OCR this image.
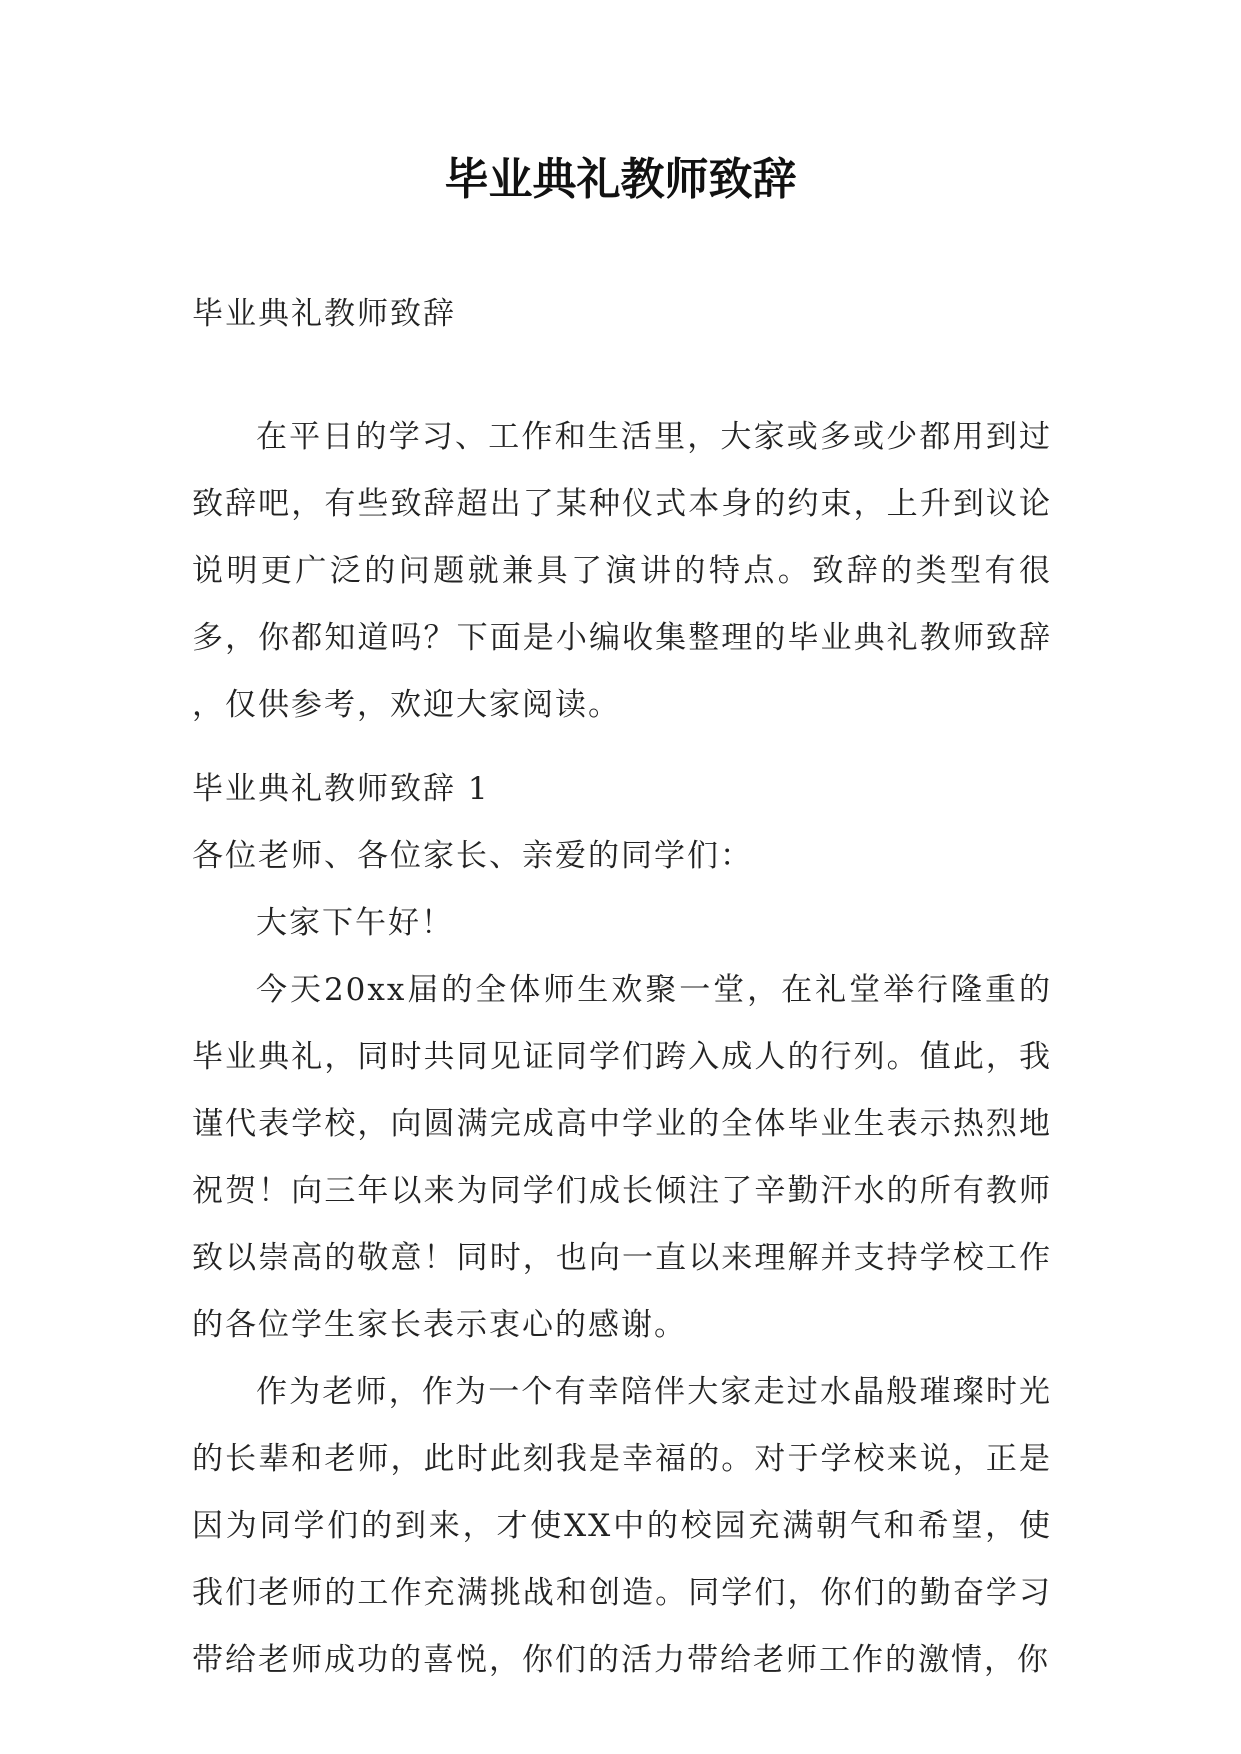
毕业典礼教师致辞
毕业典礼教师致辞
在平日的学习、工作和生活里，大家或多或少都用到过致辞吧，有些致辞超出了某种仪式本身的约束，上升到议论说明更广泛的问题就兼具了演讲的特点。致辞的类型有很多，你都知道吗？下面是小编收集整理的毕业典礼教师致辞 ，仅供参考，欢迎大家阅读。

毕业典礼教师致辞 1

各位老师、各位家长、亲爱的同学们：

大家下午好！

今天20xx届的全体师生欢聚一堂，在礼堂举行隆重的毕业典礼，同时共同见证同学们跨入成人的行列。值此，我谨代表学校，向圆满完成高中学业的全体毕业生表示热烈地祝贺！向三年以来为同学们成长倾注了辛勤汗水的所有教师致以崇高的敬意！同时，也向一直以来理解并支持学校工作的各位学生家长表示衷心的感谢。

作为老师，作为一个有幸陪伴大家走过水晶般璀璨时光的长辈和老师，此时此刻我是幸福的。对于学校来说，正是因为同学们的到来，才使XX中的校园充满朝气和希望，使我们老师的工作充满挑战和创造。同学们，你们的勤奋学习带给老师成功的喜悦，你们的活力带给老师工作的激情，你
